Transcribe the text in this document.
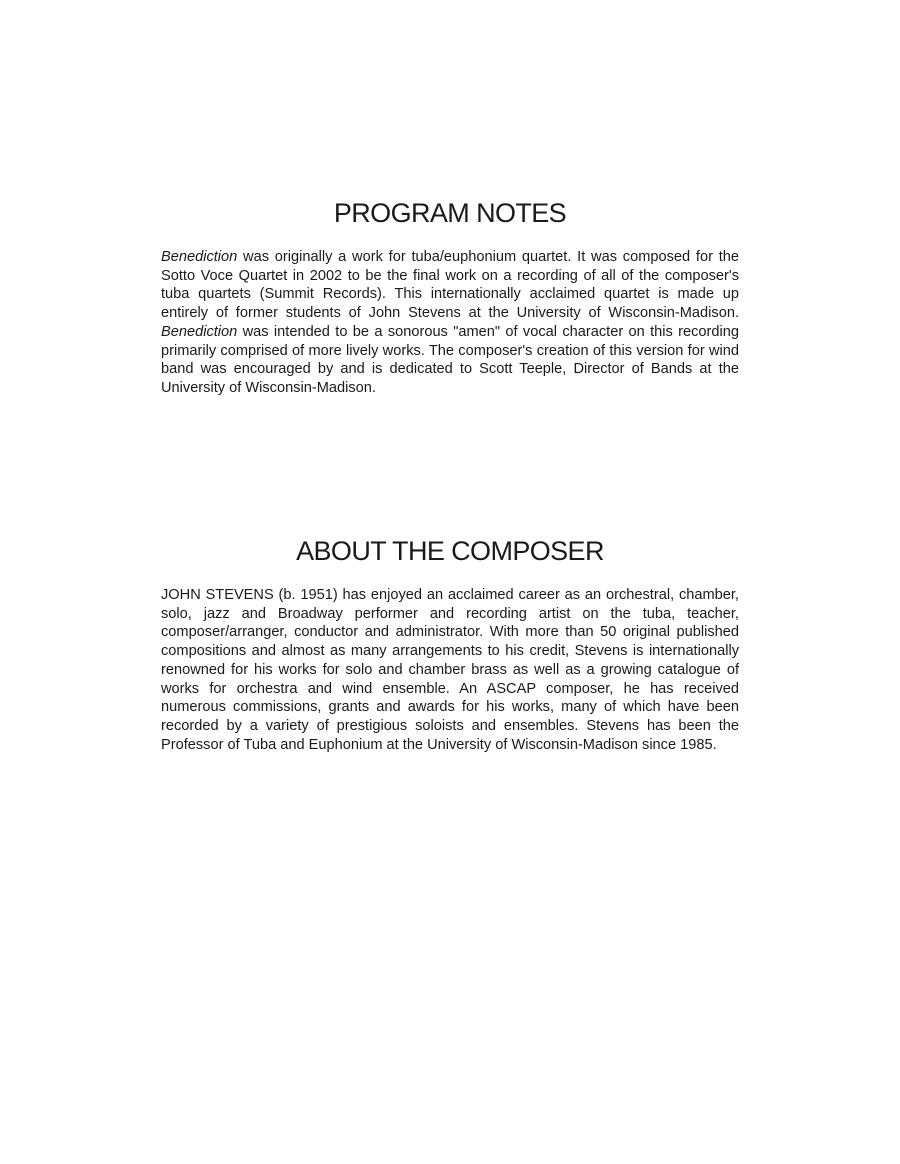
PROGRAM NOTES

Benediction was originally a work for tuba/euphonium quartet. It was composed for the Sotto Voce Quartet in 2002 to be the final work on a recording of all of the composer's tuba quartets (Summit Records). This internationally acclaimed quartet is made up entirely of former students of John Stevens at the University of Wisconsin-Madison. Benediction was intended to be a sonorous "amen" of vocal character on this recording primarily comprised of more lively works. The composer's creation of this version for wind band was encouraged by and is dedicated to Scott Teeple, Director of Bands at the University of Wisconsin-Madison.

ABOUT THE COMPOSER

JOHN STEVENS (b. 1951) has enjoyed an acclaimed career as an orchestral, chamber, solo, jazz and Broadway performer and recording artist on the tuba, teacher, composer/arranger, conductor and administrator. With more than 50 original published compositions and almost as many arrangements to his credit, Stevens is internationally renowned for his works for solo and chamber brass as well as a growing catalogue of works for orchestra and wind ensemble. An ASCAP composer, he has received numerous commissions, grants and awards for his works, many of which have been recorded by a variety of prestigious soloists and ensembles. Stevens has been the Professor of Tuba and Euphonium at the University of Wisconsin-Madison since 1985.
